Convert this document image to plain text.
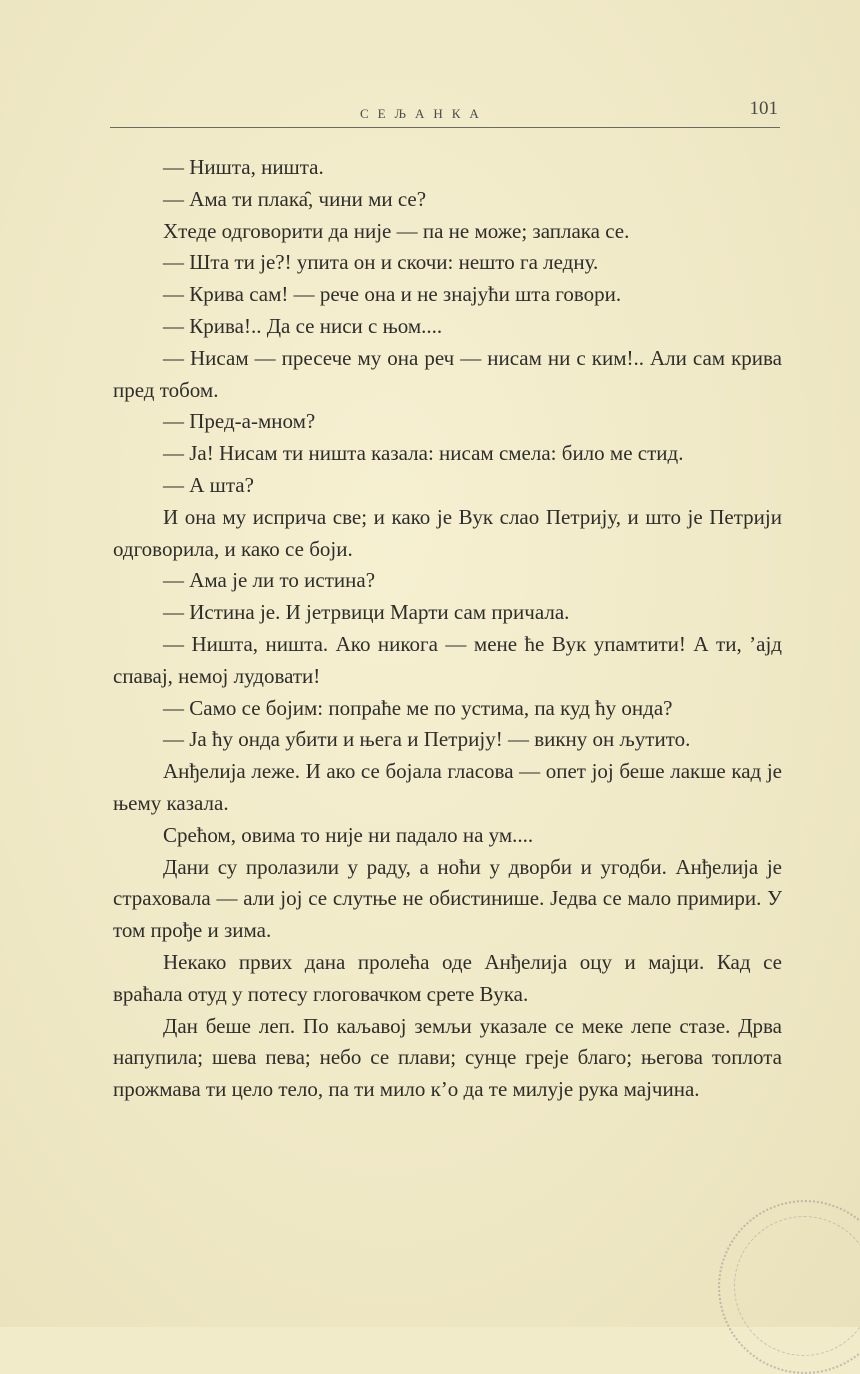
СЕЉАНКА	101

— Ништа, ништа.

— Ама ти плака̑, чини ми се?

Хтеде одговорити да није — па не може; заплака се.

— Шта ти је?! упита он и скочи: нешто га ледну.

— Крива сам! — рече она и не знајући шта говори.

— Крива!.. Да се ниси с њом....

— Нисам — пресече му она реч — нисам ни с ким!.. Али сам крива пред тобом.

— Пред-а-мном?

— Ја! Нисам ти ништа казала: нисам смела: било ме стид.

— А шта?

И она му исприча све; и како је Вук слао Петрију, и што је Петрији одговорила, и како се боји.

— Ама је ли то истина?

— Истина је. И јетрвици Марти сам причала.

— Ништа, ништа. Ако никога — мене ће Вук упамтити! А ти, ’ајд спавај, немој лудовати!

— Само се бојим: попраће ме по устима, па куд ћу онда?

— Ја ћу онда убити и њега и Петрију! — викну он љутито.

Анђелија леже. И ако се бојала гласова — опет јој беше лакше кад је њему казала.

Срећом, овима то није ни падало на ум....

Дани су пролазили у раду, а ноћи у дворби и угодби. Анђелија је страховала — али јој се слутње не обистинише. Једва се мало примири. У том прође и зима.

Некако првих дана пролећа оде Анђелија оцу и мајци. Кад се враћала отуд у потесу глоговачком срете Вука.

Дан беше леп. По каљавој земљи указале се меке лепе стазе. Дрва напупила; шева пева; небо се плави; сунце греје благо; његова топлота прожмава ти цело тело, па ти мило к’о да те милује рука мајчина.
